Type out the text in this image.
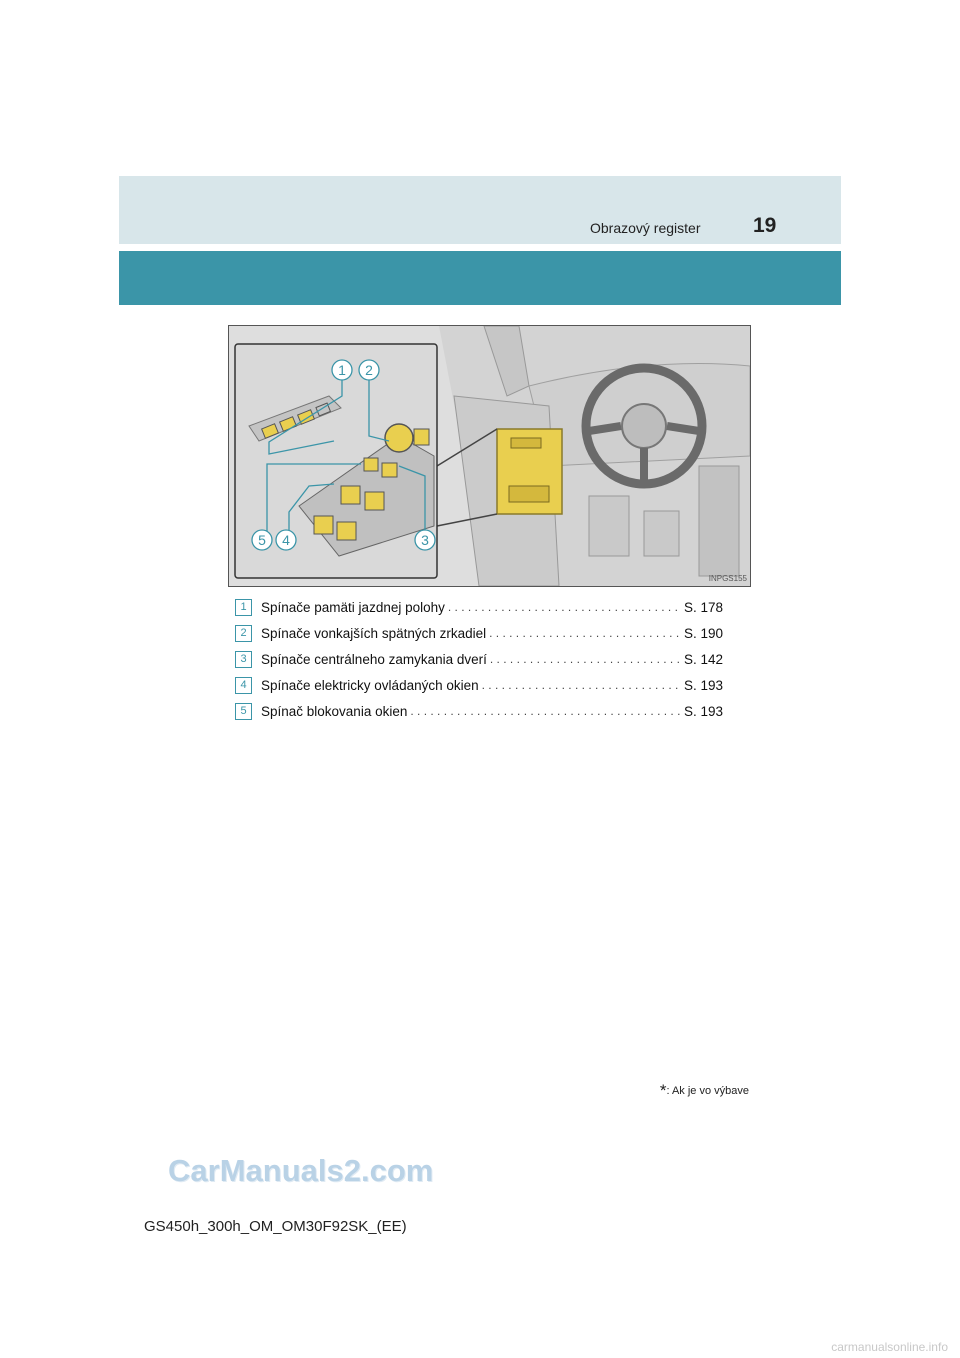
Obrazový register	19
1 2
3
4
5
INPGS155
1	Spínače pamäti jazdnej polohy . . .	S. 178
2	Spínače vonkajších spätných zrkadiel . . .	S. 190
3	Spínače centrálneho zamykania dverí . . .	S. 142
4	Spínače elektricky ovládaných okien . . .	S. 193
5	Spínač blokovania okien . . .	S. 193
*: Ak je vo výbave
CarManuals2.com
GS450h_300h_OM_OM30F92SK_(EE)
carmanualsonline.info
